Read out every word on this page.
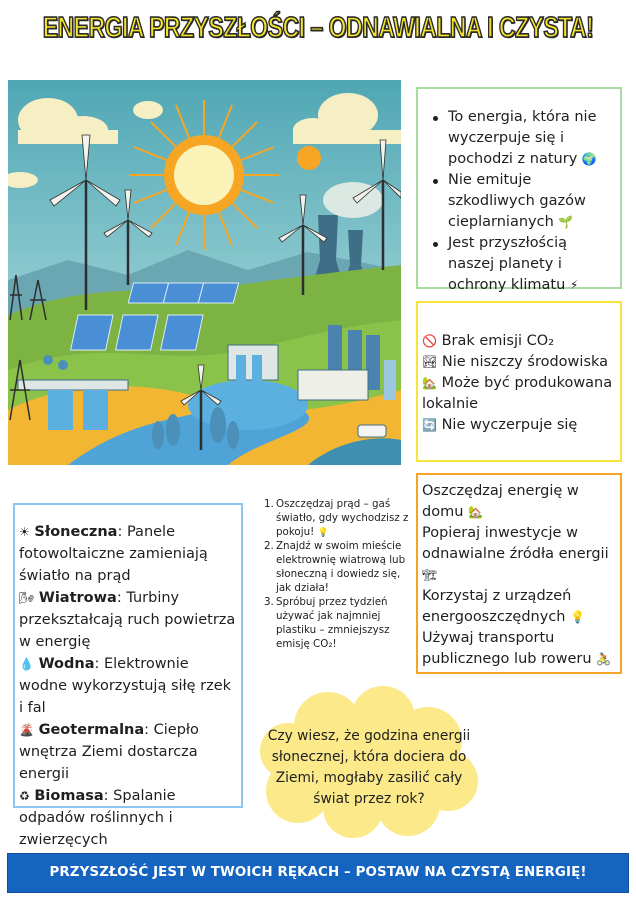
ENERGIA PRZYSZŁOŚCI – ODNAWIALNA I CZYSTA!
To energia, która nie wyczerpuje się i pochodzi z natury 🌍
Nie emituje szkodliwych gazów cieplarnianych 🌱
Jest przyszłością naszej planety i ochrony klimatu ⚡
🚫 Brak emisji CO₂
🏞 Nie niszczy środowiska
🏡 Może być produkowana lokalnie
🔄 Nie wyczerpuje się
Oszczędzaj energię w domu 🏡
Popieraj inwestycje w odnawialne źródła energii 🏗
Korzystaj z urządzeń energooszczędnych 💡
Używaj transportu publicznego lub roweru 🚴
☀ Słoneczna: Panele fotowoltaiczne zamieniają światło na prąd
🌬 Wiatrowa: Turbiny przekształcają ruch powietrza w energię
💧 Wodna: Elektrownie wodne wykorzystują siłę rzek i fal
🌋 Geotermalna: Ciepło wnętrza Ziemi dostarcza energii
♻ Biomasa: Spalanie odpadów roślinnych i zwierzęcych
1. Oszczędzaj prąd – gaś światło, gdy wychodzisz z pokoju! 💡
2. Znajdź w swoim mieście elektrownię wiatrową lub słoneczną i dowiedz się, jak działa!
3. Spróbuj przez tydzień używać jak najmniej plastiku – zmniejszysz emisję CO₂!
Czy wiesz, że godzina energii słonecznej, która dociera do Ziemi, mogłaby zasilić cały świat przez rok?
PRZYSZŁOŚĆ JEST W TWOICH RĘKACH – POSTAW NA CZYSTĄ ENERGIĘ!
